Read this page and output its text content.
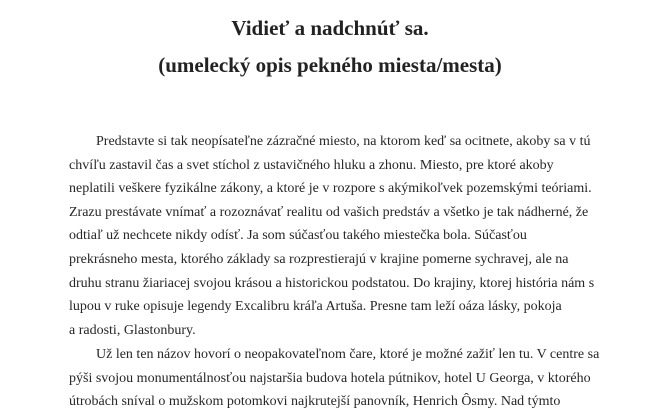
Vidieť a nadchnúť sa.
(umelecký opis pekného miesta/mesta)
Predstavte si tak neopísateľne zázračné miesto, na ktorom keď sa ocitnete, akoby sa v tú
chvíľu zastavil čas a svet stíchol z ustavičného hluku a zhonu. Miesto, pre ktoré akoby
neplatili veškere fyzikálne zákony, a ktoré je v rozpore s akýmikoľvek pozemskými teóriami.
Zrazu prestávate vnímať a rozoznávať realitu od vašich predstáv a všetko je tak nádherné, že
odtiaľ už nechcete nikdy odísť. Ja som súčasťou takého miestečka bola. Súčasťou
prekrásneho mesta, ktorého základy sa rozprestierajú v krajine pomerne sychravej, ale na
druhu stranu žiariacej svojou krásou a historickou podstatou. Do krajiny, ktorej história nám s
lupou v ruke opisuje legendy Excalibru kráľa Artuša. Presne tam leží oáza lásky, pokoja
a radosti, Glastonbury.
Už len ten názov hovorí o neopakovateľnom čare, ktoré je možné zažiť len tu. V centre sa
pýši svojou monumentálnosťou najstaršia budova hotela pútnikov, hotel U Georga, v ktorého
útrobách sníval o mužskom potomkovi najkrutejší panovník, Henrich Ôsmy. Nad týmto
